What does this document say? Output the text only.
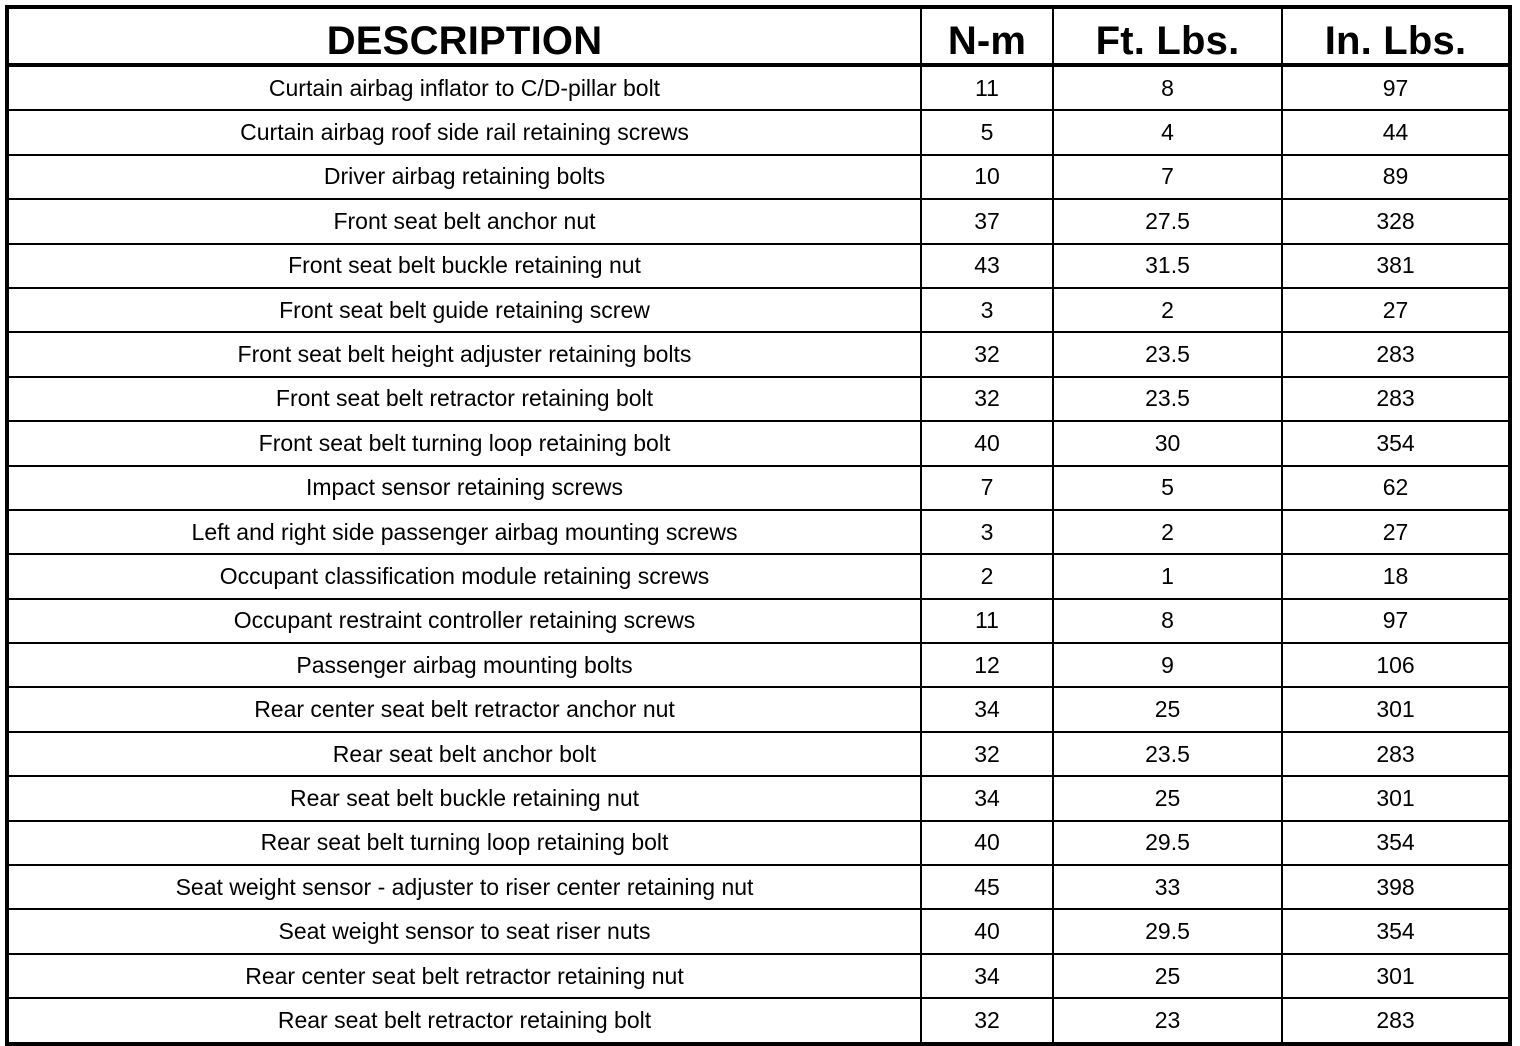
DESCRIPTION	N-m	Ft. Lbs.	In. Lbs.
Curtain airbag inflator to C/D-pillar bolt	11	8	97
Curtain airbag roof side rail retaining screws	5	4	44
Driver airbag retaining bolts	10	7	89
Front seat belt anchor nut	37	27.5	328
Front seat belt buckle retaining nut	43	31.5	381
Front seat belt guide retaining screw	3	2	27
Front seat belt height adjuster retaining bolts	32	23.5	283
Front seat belt retractor retaining bolt	32	23.5	283
Front seat belt turning loop retaining bolt	40	30	354
Impact sensor retaining screws	7	5	62
Left and right side passenger airbag mounting screws	3	2	27
Occupant classification module retaining screws	2	1	18
Occupant restraint controller retaining screws	11	8	97
Passenger airbag mounting bolts	12	9	106
Rear center seat belt retractor anchor nut	34	25	301
Rear seat belt anchor bolt	32	23.5	283
Rear seat belt buckle retaining nut	34	25	301
Rear seat belt turning loop retaining bolt	40	29.5	354
Seat weight sensor - adjuster to riser center retaining nut	45	33	398
Seat weight sensor to seat riser nuts	40	29.5	354
Rear center seat belt retractor retaining nut	34	25	301
Rear seat belt retractor retaining bolt	32	23	283
